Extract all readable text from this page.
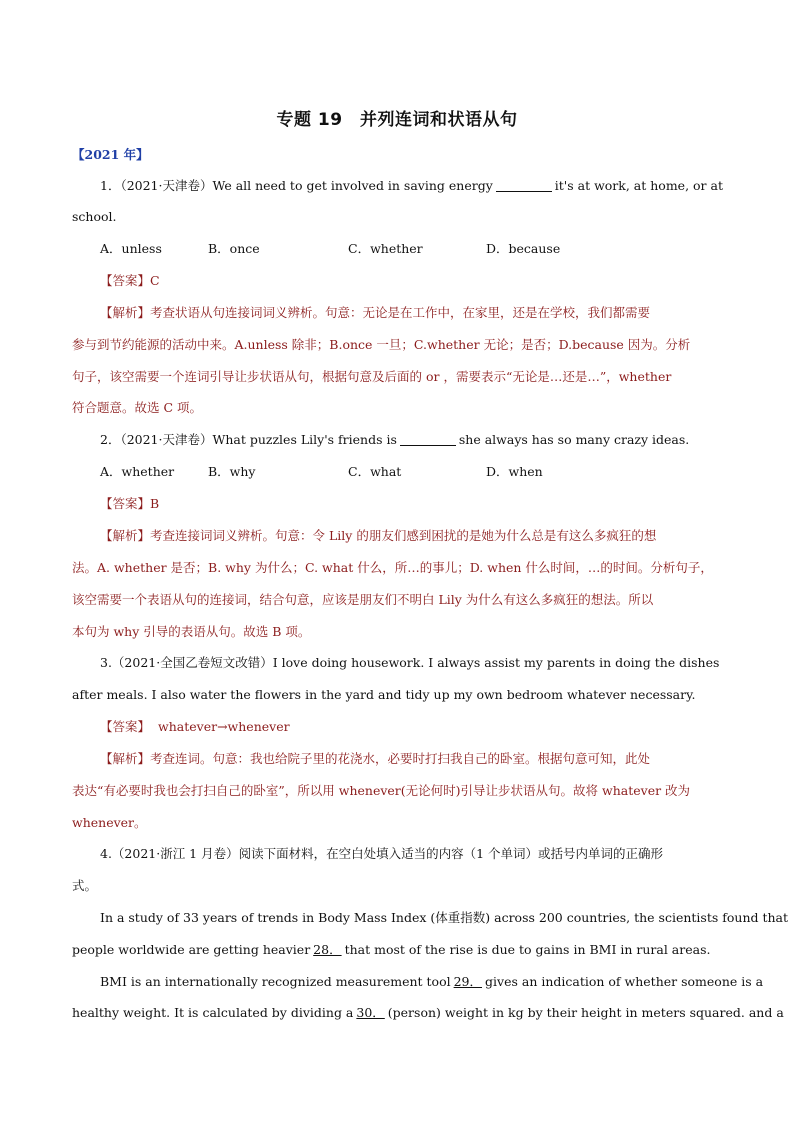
专题 19　并列连词和状语从句
【2021 年】
1．（2021·天津卷）We all need to get involved in saving energy	it's at work, at home, or at
school.
A．unless	B．once	C．whether	D．because
【答案】C
【解析】考查状语从句连接词词义辨析。句意：无论是在工作中，在家里，还是在学校，我们都需要
参与到节约能源的活动中来。A.unless 除非；B.once 一旦；C.whether 无论；是否；D.because 因为。分析
句子，该空需要一个连词引导让步状语从句，根据句意及后面的 or ，需要表示“无论是…还是…”，whether
符合题意。故选 C 项。
2．（2021·天津卷）What puzzles Lily's friends is	she always has so many crazy ideas.
A．whether	B．why	C．what	D．when
【答案】B
【解析】考查连接词词义辨析。句意：令 Lily 的朋友们感到困扰的是她为什么总是有这么多疯狂的想
法。A. whether 是否；B. why 为什么；C. what 什么，所…的事儿；D. when 什么时间，…的时间。分析句子，
该空需要一个表语从句的连接词，结合句意，应该是朋友们不明白 Lily 为什么有这么多疯狂的想法。所以
本句为 why 引导的表语从句。故选 B 项。
3.（2021·全国乙卷短文改错）I love doing housework. I always assist my parents in doing the dishes
after meals. I also water the flowers in the yard and tidy up my own bedroom whatever necessary.
【答案】 whatever→whenever
【解析】考查连词。句意：我也给院子里的花浇水，必要时打扫我自己的卧室。根据句意可知，此处
表达“有必要时我也会打扫自己的卧室”，所以用 whenever(无论何时)引导让步状语从句。故将 whatever 改为
whenever。
4.（2021·浙江 1 月卷）阅读下面材料，在空白处填入适当的内容（1 个单词）或括号内单词的正确形
式。
In a study of 33 years of trends in Body Mass Index (体重指数) across 200 countries, the scientists found that
people worldwide are getting heavier 28． that most of the rise is due to gains in BMI in rural areas.
BMI is an internationally recognized measurement tool 29． gives an indication of whether someone is a
healthy weight. It is calculated by dividing a 30． (person) weight in kg by their height in meters squared. and a
